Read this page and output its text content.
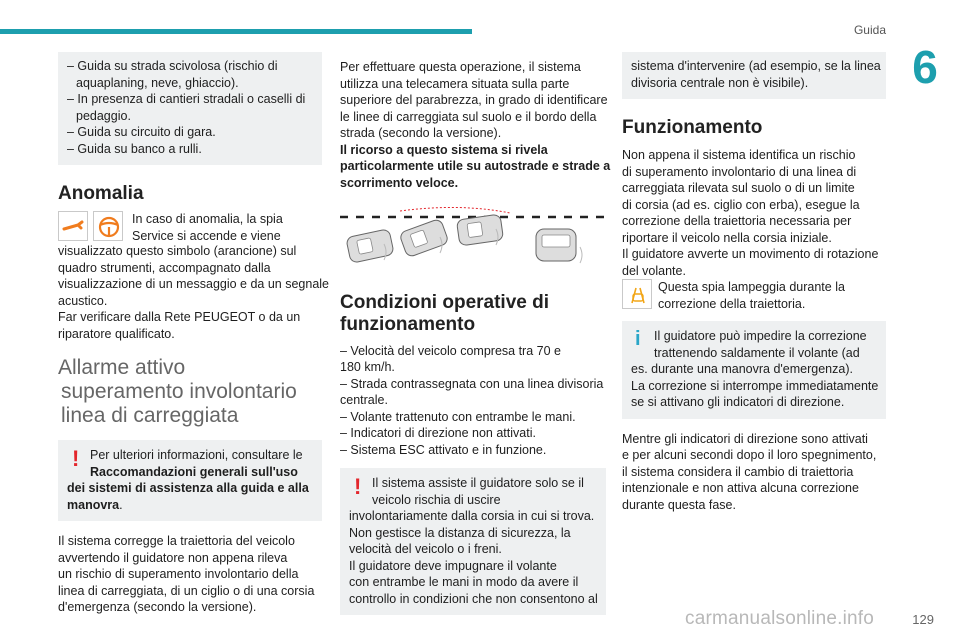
Guida
6
– Guida su strada scivolosa (rischio di
aquaplaning, neve, ghiaccio).
– In presenza di cantieri stradali o caselli di
pedaggio.
– Guida su circuito di gara.
– Guida su banco a rulli.
Anomalia

In caso di anomalia, la spia
Service si accende e viene
visualizzato questo simbolo (arancione) sul
quadro strumenti, accompagnato dalla
visualizzazione di un messaggio e da un segnale
acustico.
Far verificare dalla Rete PEUGEOT o da un
riparatore qualificato.
Allarme attivo
superamento involontario
linea di carreggiata
! Per ulteriori informazioni, consultare le
Raccomandazioni generali sull'uso
dei sistemi di assistenza alla guida e alla
manovra.
Il sistema corregge la traiettoria del veicolo
avvertendo il guidatore non appena rileva
un rischio di superamento involontario della
linea di carreggiata, di un ciglio o di una corsia
d'emergenza (secondo la versione).
Per effettuare questa operazione, il sistema
utilizza una telecamera situata sulla parte
superiore del parabrezza, in grado di identificare
le linee di carreggiata sul suolo e il bordo della
strada (secondo la versione).
Il ricorso a questo sistema si rivela
particolarmente utile su autostrade e strade a
scorrimento veloce.
Condizioni operative di
funzionamento
– Velocità del veicolo compresa tra 70 e
180 km/h.
– Strada contrassegnata con una linea divisoria
centrale.
– Volante trattenuto con entrambe le mani.
– Indicatori di direzione non attivati.
– Sistema ESC attivato e in funzione.
! Il sistema assiste il guidatore solo se il
veicolo rischia di uscire
involontariamente dalla corsia in cui si trova.
Non gestisce la distanza di sicurezza, la
velocità del veicolo o i freni.
Il guidatore deve impugnare il volante
con entrambe le mani in modo da avere il
controllo in condizioni che non consentono al
sistema d'intervenire (ad esempio, se la linea
divisoria centrale non è visibile).
Funzionamento
Non appena il sistema identifica un rischio
di superamento involontario di una linea di
carreggiata rilevata sul suolo o di un limite
di corsia (ad es. ciglio con erba), esegue la
correzione della traiettoria necessaria per
riportare il veicolo nella corsia iniziale.
Il guidatore avverte un movimento di rotazione
del volante.
Questa spia lampeggia durante la
correzione della traiettoria.
i	Il guidatore può impedire la correzione
trattenendo saldamente il volante (ad
es. durante una manovra d'emergenza).
La correzione si interrompe immediatamente
se si attivano gli indicatori di direzione.
Mentre gli indicatori di direzione sono attivati
e per alcuni secondi dopo il loro spegnimento,
il sistema considera il cambio di traiettoria
intenzionale e non attiva alcuna correzione
durante questa fase.
129
carmanualsonline.info
